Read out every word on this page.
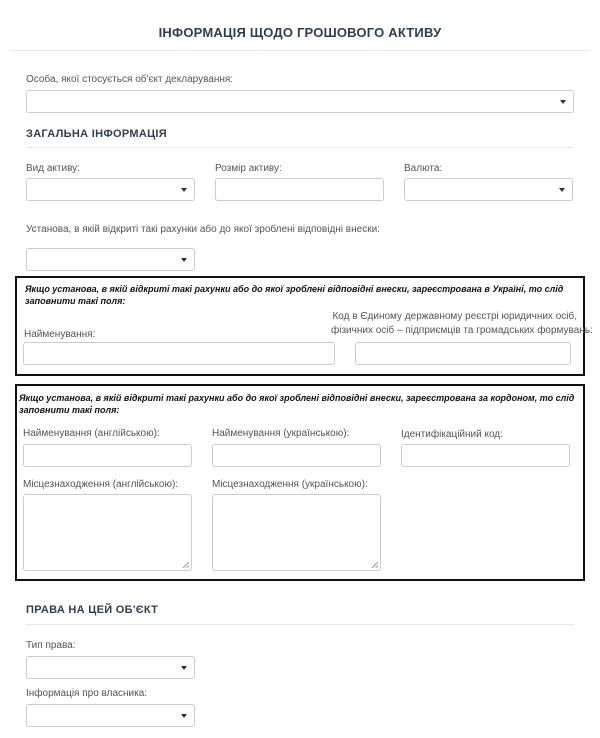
ІНФОРМАЦІЯ ЩОДО ГРОШОВОГО АКТИВУ
Особа, якої стосується об'єкт декларування:
ЗАГАЛЬНА ІНФОРМАЦІЯ
Вид активу:	Розмір активу:	Валюта:
Установа, в якій відкриті такі рахунки або до якої зроблені відповідні внески:
Якщо установа, в якій відкриті такі рахунки або до якої зроблені відповідні внески, зареєстрована в Україні, то слід заповнити такі поля:
Найменування:
Код в Єдиному державному реєстрі юридичних осіб,
фізичних осіб – підприємців та громадських формувань:
Якщо установа, в якій відкриті такі рахунки або до якої зроблені відповідні внески, зареєстрована за кордоном, то слід заповнити такі поля:
Найменування (англійською):	Найменування (українською):	Ідентифікаційний код:
Місцезнаходження (англійською):	Місцезнаходження (українською):
ПРАВА НА ЦЕЙ ОБ'ЄКТ
Тип права:
Інформація про власника:
